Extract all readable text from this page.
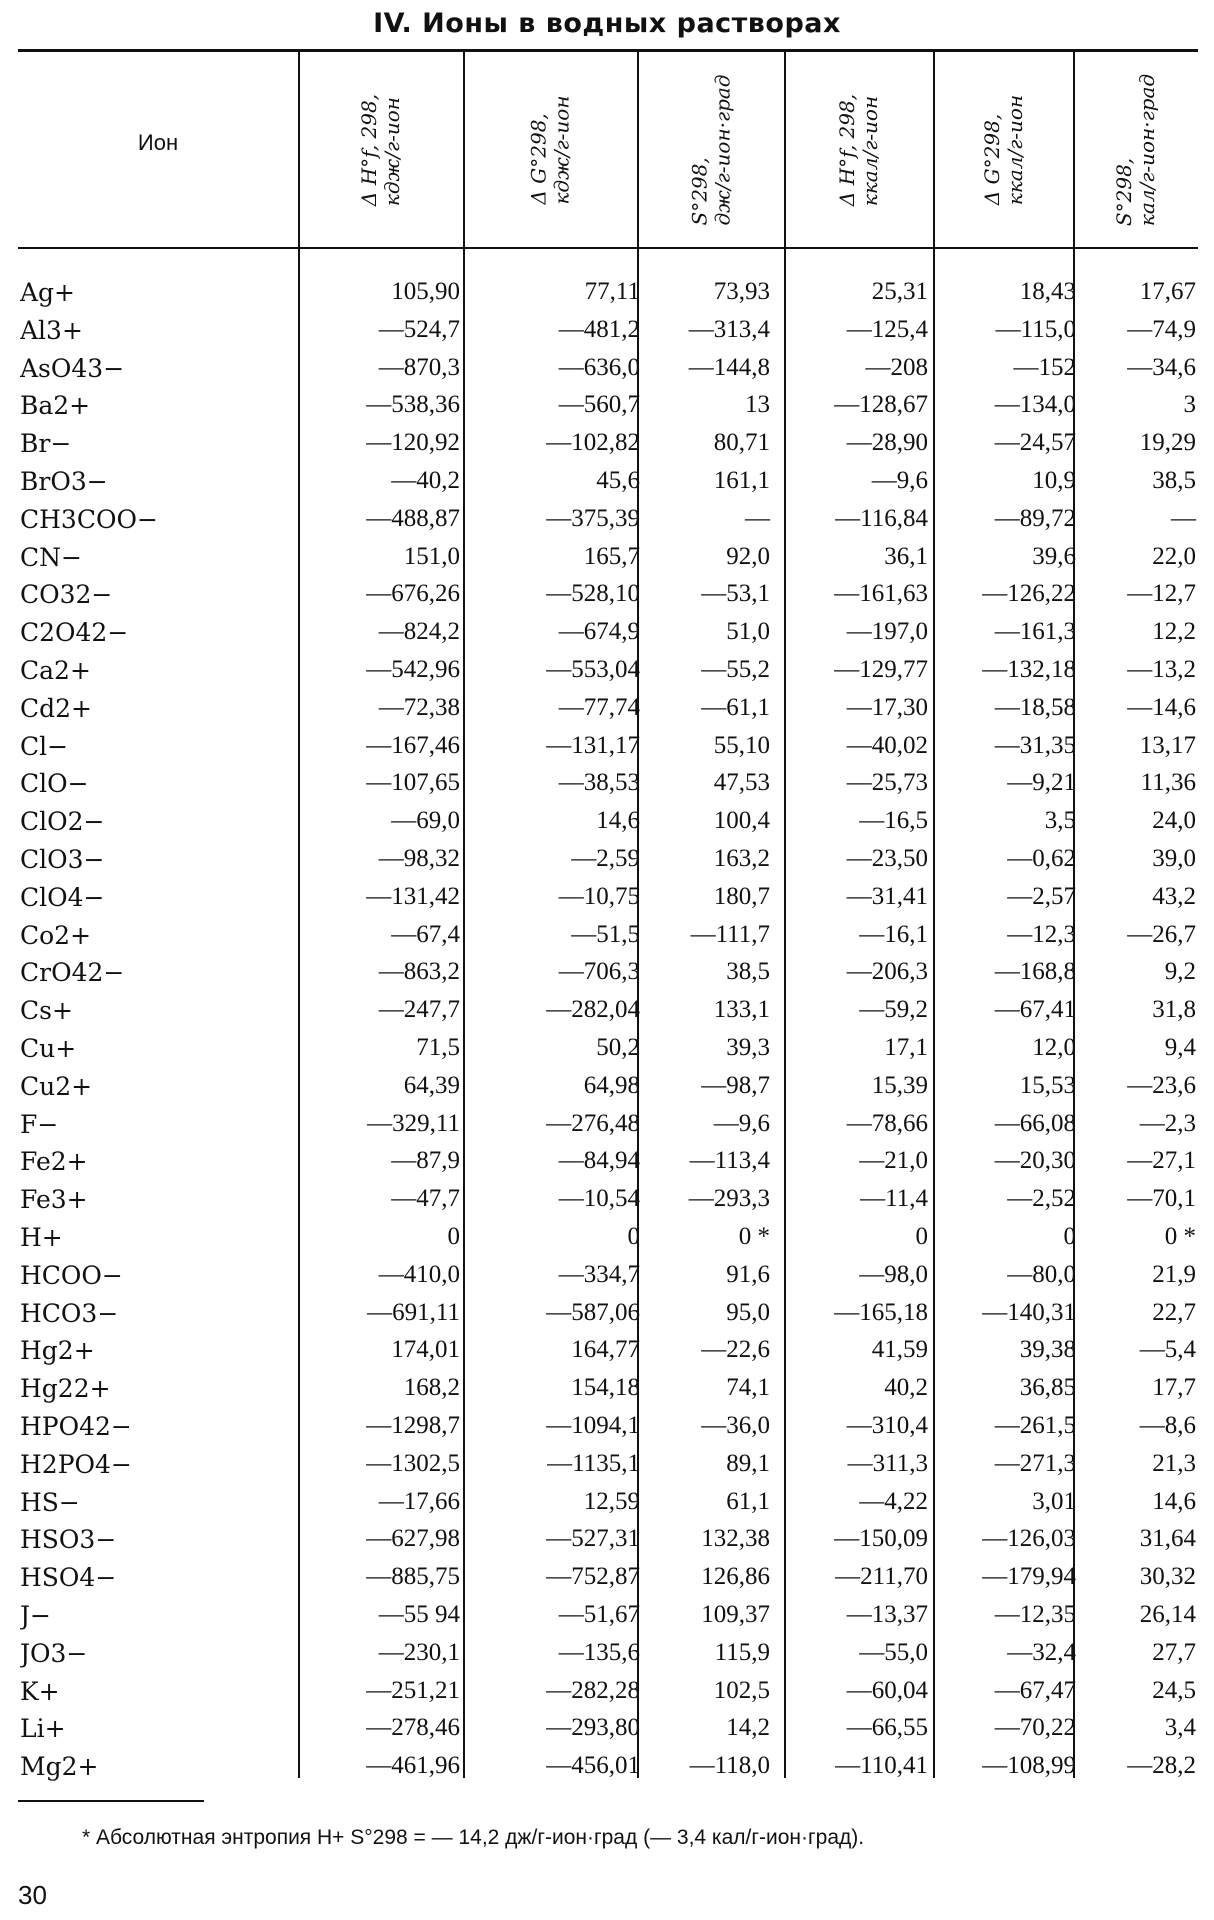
IV. Ионы в водных растворах
Ион	Δ H°f, 298, кдж/г-ион	Δ G°298, кдж/г-ион	S°298, дж/г-ион·град	Δ H°f, 298, ккал/г-ион	Δ G°298, ккал/г-ион	S°298, кал/г-ион·град
Ag+	105,90	77,11	73,93	25,31	18,43	17,67
Al3+	—524,7	—481,2	—313,4	—125,4	—115,0	—74,9
AsO43−	—870,3	—636,0	—144,8	—208	—152	—34,6
Ba2+	—538,36	—560,7	13	—128,67	—134,0	3
Br−	—120,92	—102,82	80,71	—28,90	—24,57	19,29
BrO3−	—40,2	45,6	161,1	—9,6	10,9	38,5
CH3COO−	—488,87	—375,39	—	—116,84	—89,72	—
CN−	151,0	165,7	92,0	36,1	39,6	22,0
CO32−	—676,26	—528,10	—53,1	—161,63	—126,22	—12,7
C2O42−	—824,2	—674,9	51,0	—197,0	—161,3	12,2
Ca2+	—542,96	—553,04	—55,2	—129,77	—132,18	—13,2
Cd2+	—72,38	—77,74	—61,1	—17,30	—18,58	—14,6
Cl−	—167,46	—131,17	55,10	—40,02	—31,35	13,17
ClO−	—107,65	—38,53	47,53	—25,73	—9,21	11,36
ClO2−	—69,0	14,6	100,4	—16,5	3,5	24,0
ClO3−	—98,32	—2,59	163,2	—23,50	—0,62	39,0
ClO4−	—131,42	—10,75	180,7	—31,41	—2,57	43,2
Co2+	—67,4	—51,5	—111,7	—16,1	—12,3	—26,7
CrO42−	—863,2	—706,3	38,5	—206,3	—168,8	9,2
Cs+	—247,7	—282,04	133,1	—59,2	—67,41	31,8
Cu+	71,5	50,2	39,3	17,1	12,0	9,4
Cu2+	64,39	64,98	—98,7	15,39	15,53	—23,6
F−	—329,11	—276,48	—9,6	—78,66	—66,08	—2,3
Fe2+	—87,9	—84,94	—113,4	—21,0	—20,30	—27,1
Fe3+	—47,7	—10,54	—293,3	—11,4	—2,52	—70,1
H+	0	0	0 *	0	0	0 *
HCOO−	—410,0	—334,7	91,6	—98,0	—80,0	21,9
HCO3−	—691,11	—587,06	95,0	—165,18	—140,31	22,7
Hg2+	174,01	164,77	—22,6	41,59	39,38	—5,4
Hg22+	168,2	154,18	74,1	40,2	36,85	17,7
HPO42−	—1298,7	—1094,1	—36,0	—310,4	—261,5	—8,6
H2PO4−	—1302,5	—1135,1	89,1	—311,3	—271,3	21,3
HS−	—17,66	12,59	61,1	—4,22	3,01	14,6
HSO3−	—627,98	—527,31	132,38	—150,09	—126,03	31,64
HSO4−	—885,75	—752,87	126,86	—211,70	—179,94	30,32
J−	—55 94	—51,67	109,37	—13,37	—12,35	26,14
JO3−	—230,1	—135,6	115,9	—55,0	—32,4	27,7
K+	—251,21	—282,28	102,5	—60,04	—67,47	24,5
Li+	—278,46	—293,80	14,2	—66,55	—70,22	3,4
Mg2+	—461,96	—456,01	—118,0	—110,41	—108,99	—28,2
* Абсолютная энтропия H+ S°298 = — 14,2 дж/г-ион·град (— 3,4 кал/г-ион·град).
30
